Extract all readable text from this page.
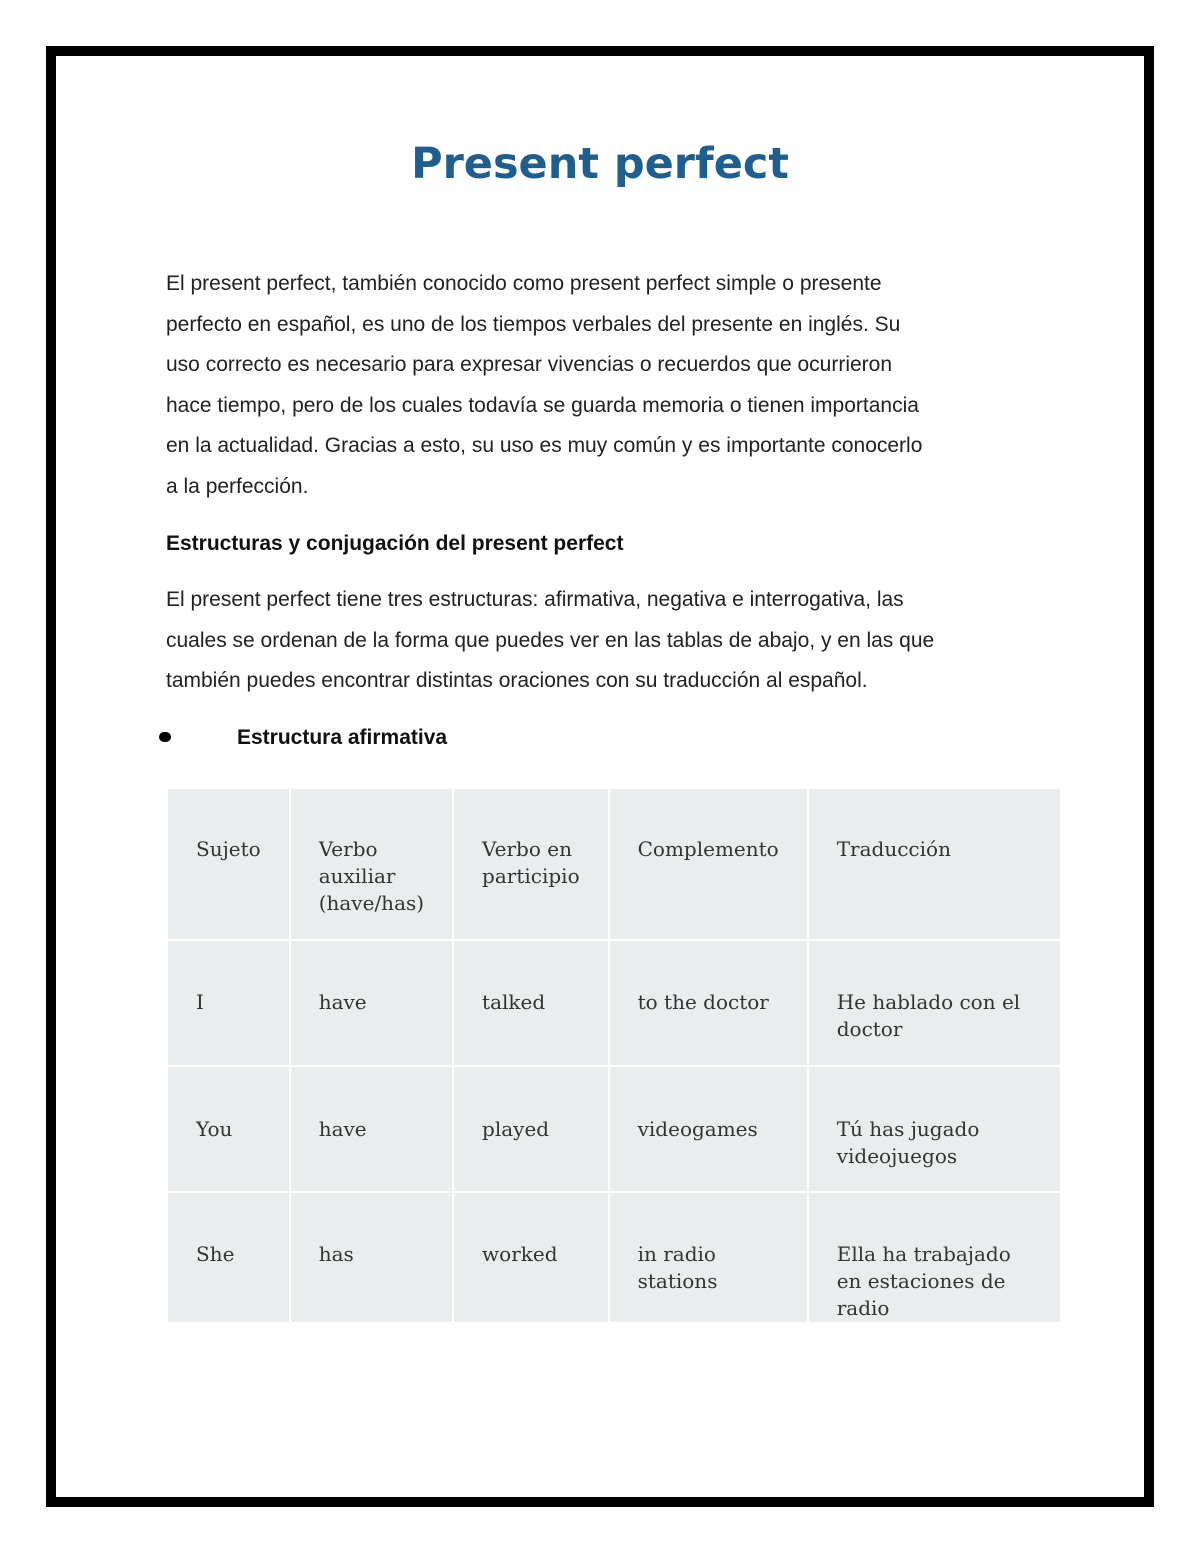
Present perfect

El present perfect, también conocido como present perfect simple o presente
perfecto en español, es uno de los tiempos verbales del presente en inglés. Su
uso correcto es necesario para expresar vivencias o recuerdos que ocurrieron
hace tiempo, pero de los cuales todavía se guarda memoria o tienen importancia
en la actualidad. Gracias a esto, su uso es muy común y es importante conocerlo
a la perfección.

Estructuras y conjugación del present perfect

El present perfect tiene tres estructuras: afirmativa, negativa e interrogativa, las
cuales se ordenan de la forma que puedes ver en las tablas de abajo, y en las que
también puedes encontrar distintas oraciones con su traducción al español.

Estructura afirmativa
Sujeto	Verbo auxiliar (have/has)	Verbo en participio	Complemento	Traducción
I	have	talked	to the doctor	He hablado con el doctor
You	have	played	videogames	Tú has jugado videojuegos
She	has	worked	in radio stations	Ella ha trabajado en estaciones de radio
